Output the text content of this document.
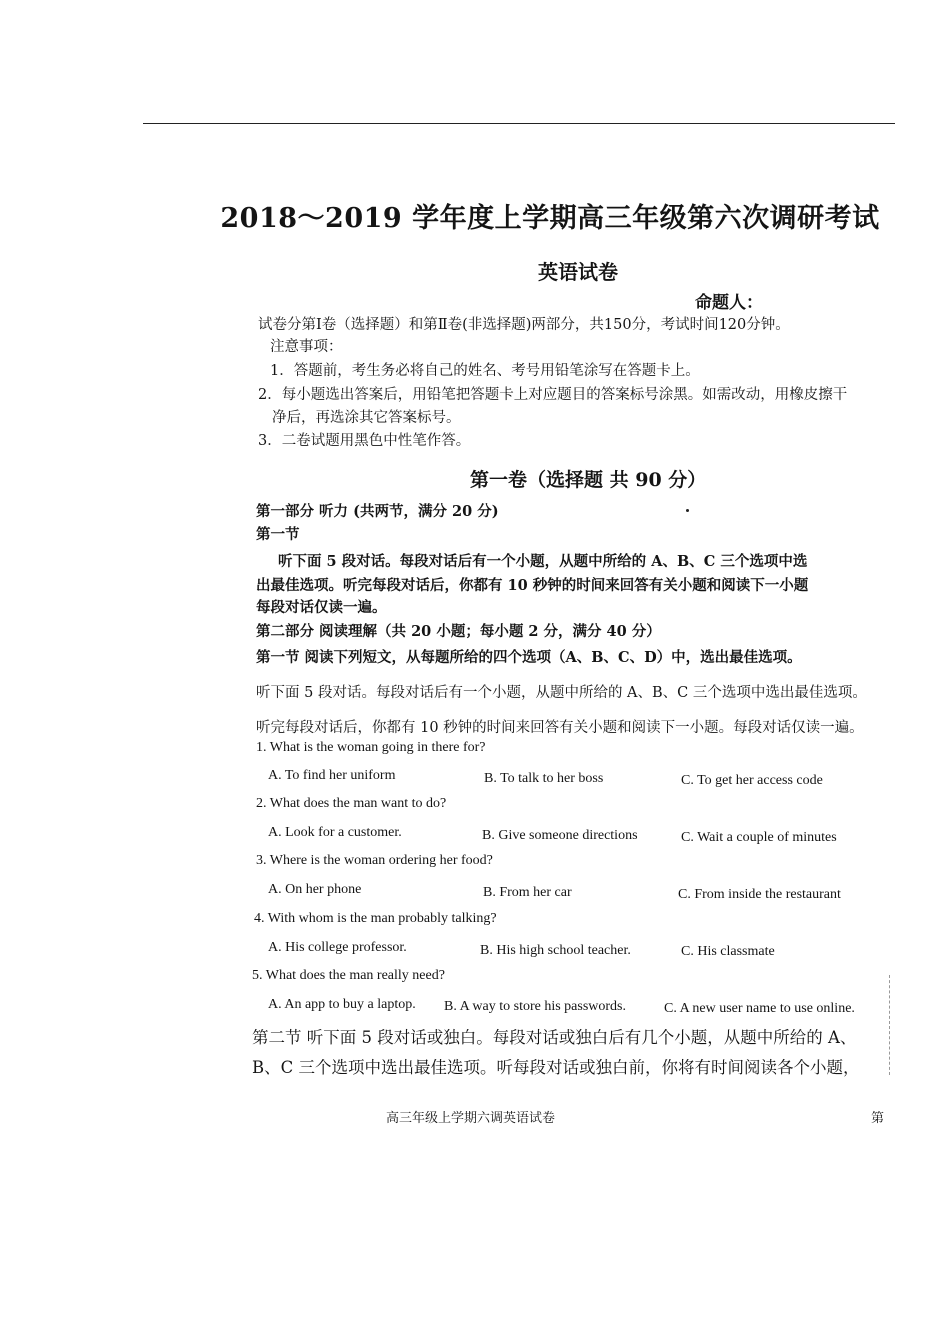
2018～2019 学年度上学期高三年级第六次调研考试
英语试卷
命题人：
试卷分第Ⅰ卷（选择题）和第Ⅱ卷(非选择题)两部分，共150分，考试时间120分钟。
注意事项：
1．答题前，考生务必将自己的姓名、考号用铅笔涂写在答题卡上。
2．每小题选出答案后，用铅笔把答题卡上对应题目的答案标号涂黑。如需改动，用橡皮擦干
净后，再选涂其它答案标号。
3．二卷试题用黑色中性笔作答。
第一卷（选择题 共 90 分）
第一部分 听力 (共两节，满分 20 分)
第一节
听下面 5 段对话。每段对话后有一个小题，从题中所给的 A、B、C 三个选项中选
出最佳选项。听完每段对话后，你都有 10 秒钟的时间来回答有关小题和阅读下一小题
每段对话仅读一遍。
第二部分 阅读理解（共 20 小题；每小题 2 分，满分 40 分）
第一节 阅读下列短文，从每题所给的四个选项（A、B、C、D）中，选出最佳选项。
听下面 5 段对话。每段对话后有一个小题，从题中所给的 A、B、C 三个选项中选出最佳选项。
听完每段对话后，你都有 10 秒钟的时间来回答有关小题和阅读下一小题。每段对话仅读一遍。
1. What is the woman going in there for?
A. To find her uniform	B. To talk to her boss	C. To get her access code
2. What does the man want to do?
A. Look for a customer.	B. Give someone directions	C. Wait a couple of minutes
3. Where is the woman ordering her food?
A. On her phone	B. From her car	C. From inside the restaurant
4. With whom is the man probably talking?
A. His college professor.	B. His high school teacher.	C. His classmate
5. What does the man really need?
A. An app to buy a laptop. B. A way to store his passwords.	C. A new user name to use online.
第二节 听下面 5 段对话或独白。每段对话或独白后有几个小题，从题中所给的 A、
B、C 三个选项中选出最佳选项。听每段对话或独白前，你将有时间阅读各个小题，
高三年级上学期六调英语试卷	第
